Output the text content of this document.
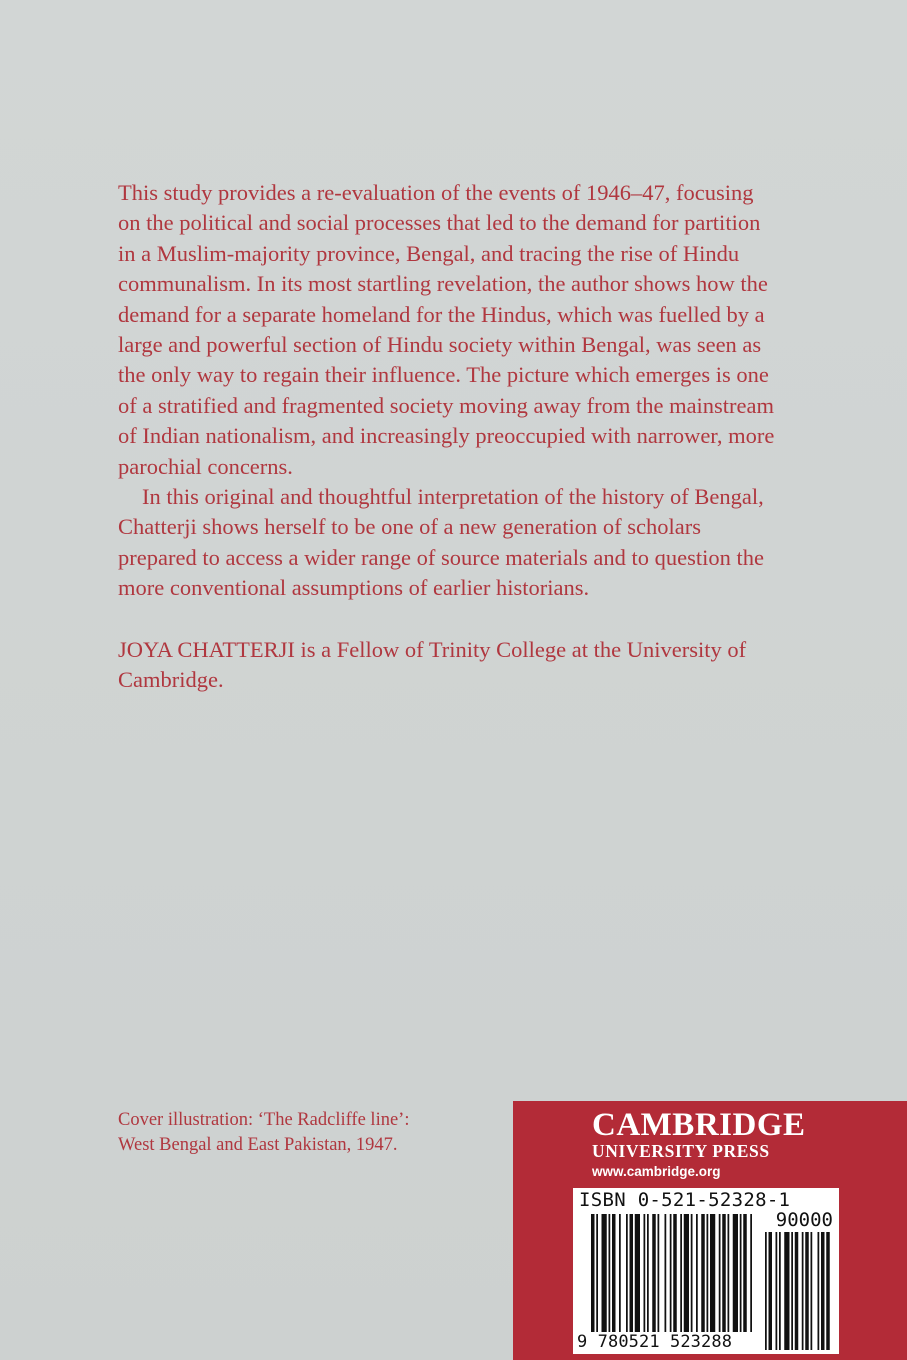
This study provides a re-evaluation of the events of 1946–47, focusing on the political and social processes that led to the demand for partition in a Muslim-majority province, Bengal, and tracing the rise of Hindu communalism. In its most startling revelation, the author shows how the demand for a separate homeland for the Hindus, which was fuelled by a large and powerful section of Hindu society within Bengal, was seen as the only way to regain their influence. The picture which emerges is one of a stratified and fragmented society moving away from the mainstream of Indian nationalism, and increasingly preoccupied with narrower, more parochial concerns.

In this original and thoughtful interpretation of the history of Bengal, Chatterji shows herself to be one of a new generation of scholars prepared to access a wider range of source materials and to question the more conventional assumptions of earlier historians.

JOYA CHATTERJI is a Fellow of Trinity College at the University of Cambridge.

Cover illustration: ‘The Radcliffe line’:
West Bengal and East Pakistan, 1947.
CAMBRIDGE
UNIVERSITY PRESS
www.cambridge.org
ISBN 0-521-52328-1
90000
9 780521 523288
